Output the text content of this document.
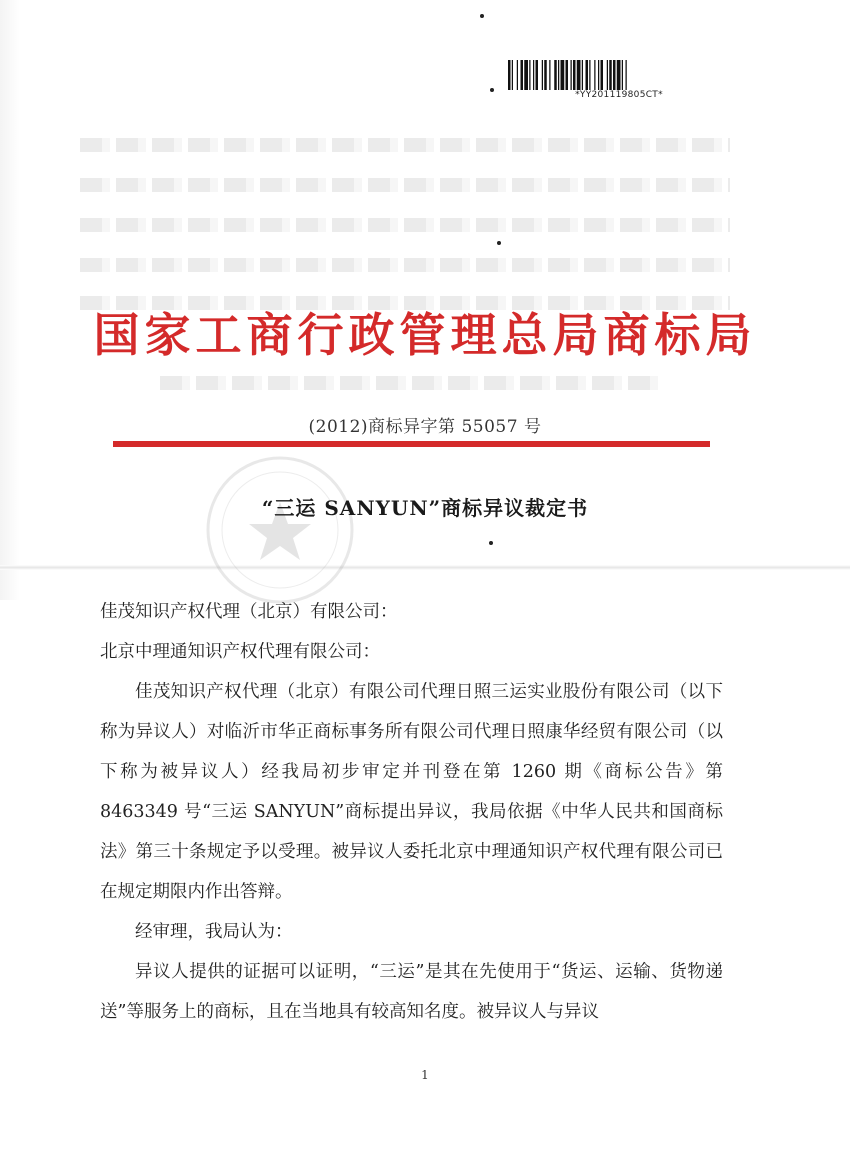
*YY201119805CT*
国家工商行政管理总局商标局
(2012)商标异字第 55057 号
“三运 SANYUN”商标异议裁定书

佳茂知识产权代理（北京）有限公司：

北京中理通知识产权代理有限公司：

佳茂知识产权代理（北京）有限公司代理日照三运实业股份有限公司（以下称为异议人）对临沂市华正商标事务所有限公司代理日照康华经贸有限公司（以下称为被异议人）经我局初步审定并刊登在第 1260 期《商标公告》第 8463349 号“三运 SANYUN”商标提出异议，我局依据《中华人民共和国商标法》第三十条规定予以受理。被异议人委托北京中理通知识产权代理有限公司已在规定期限内作出答辩。

经审理，我局认为：

异议人提供的证据可以证明，“三运”是其在先使用于“货运、运输、货物递送”等服务上的商标，且在当地具有较高知名度。被异议人与异议

1
